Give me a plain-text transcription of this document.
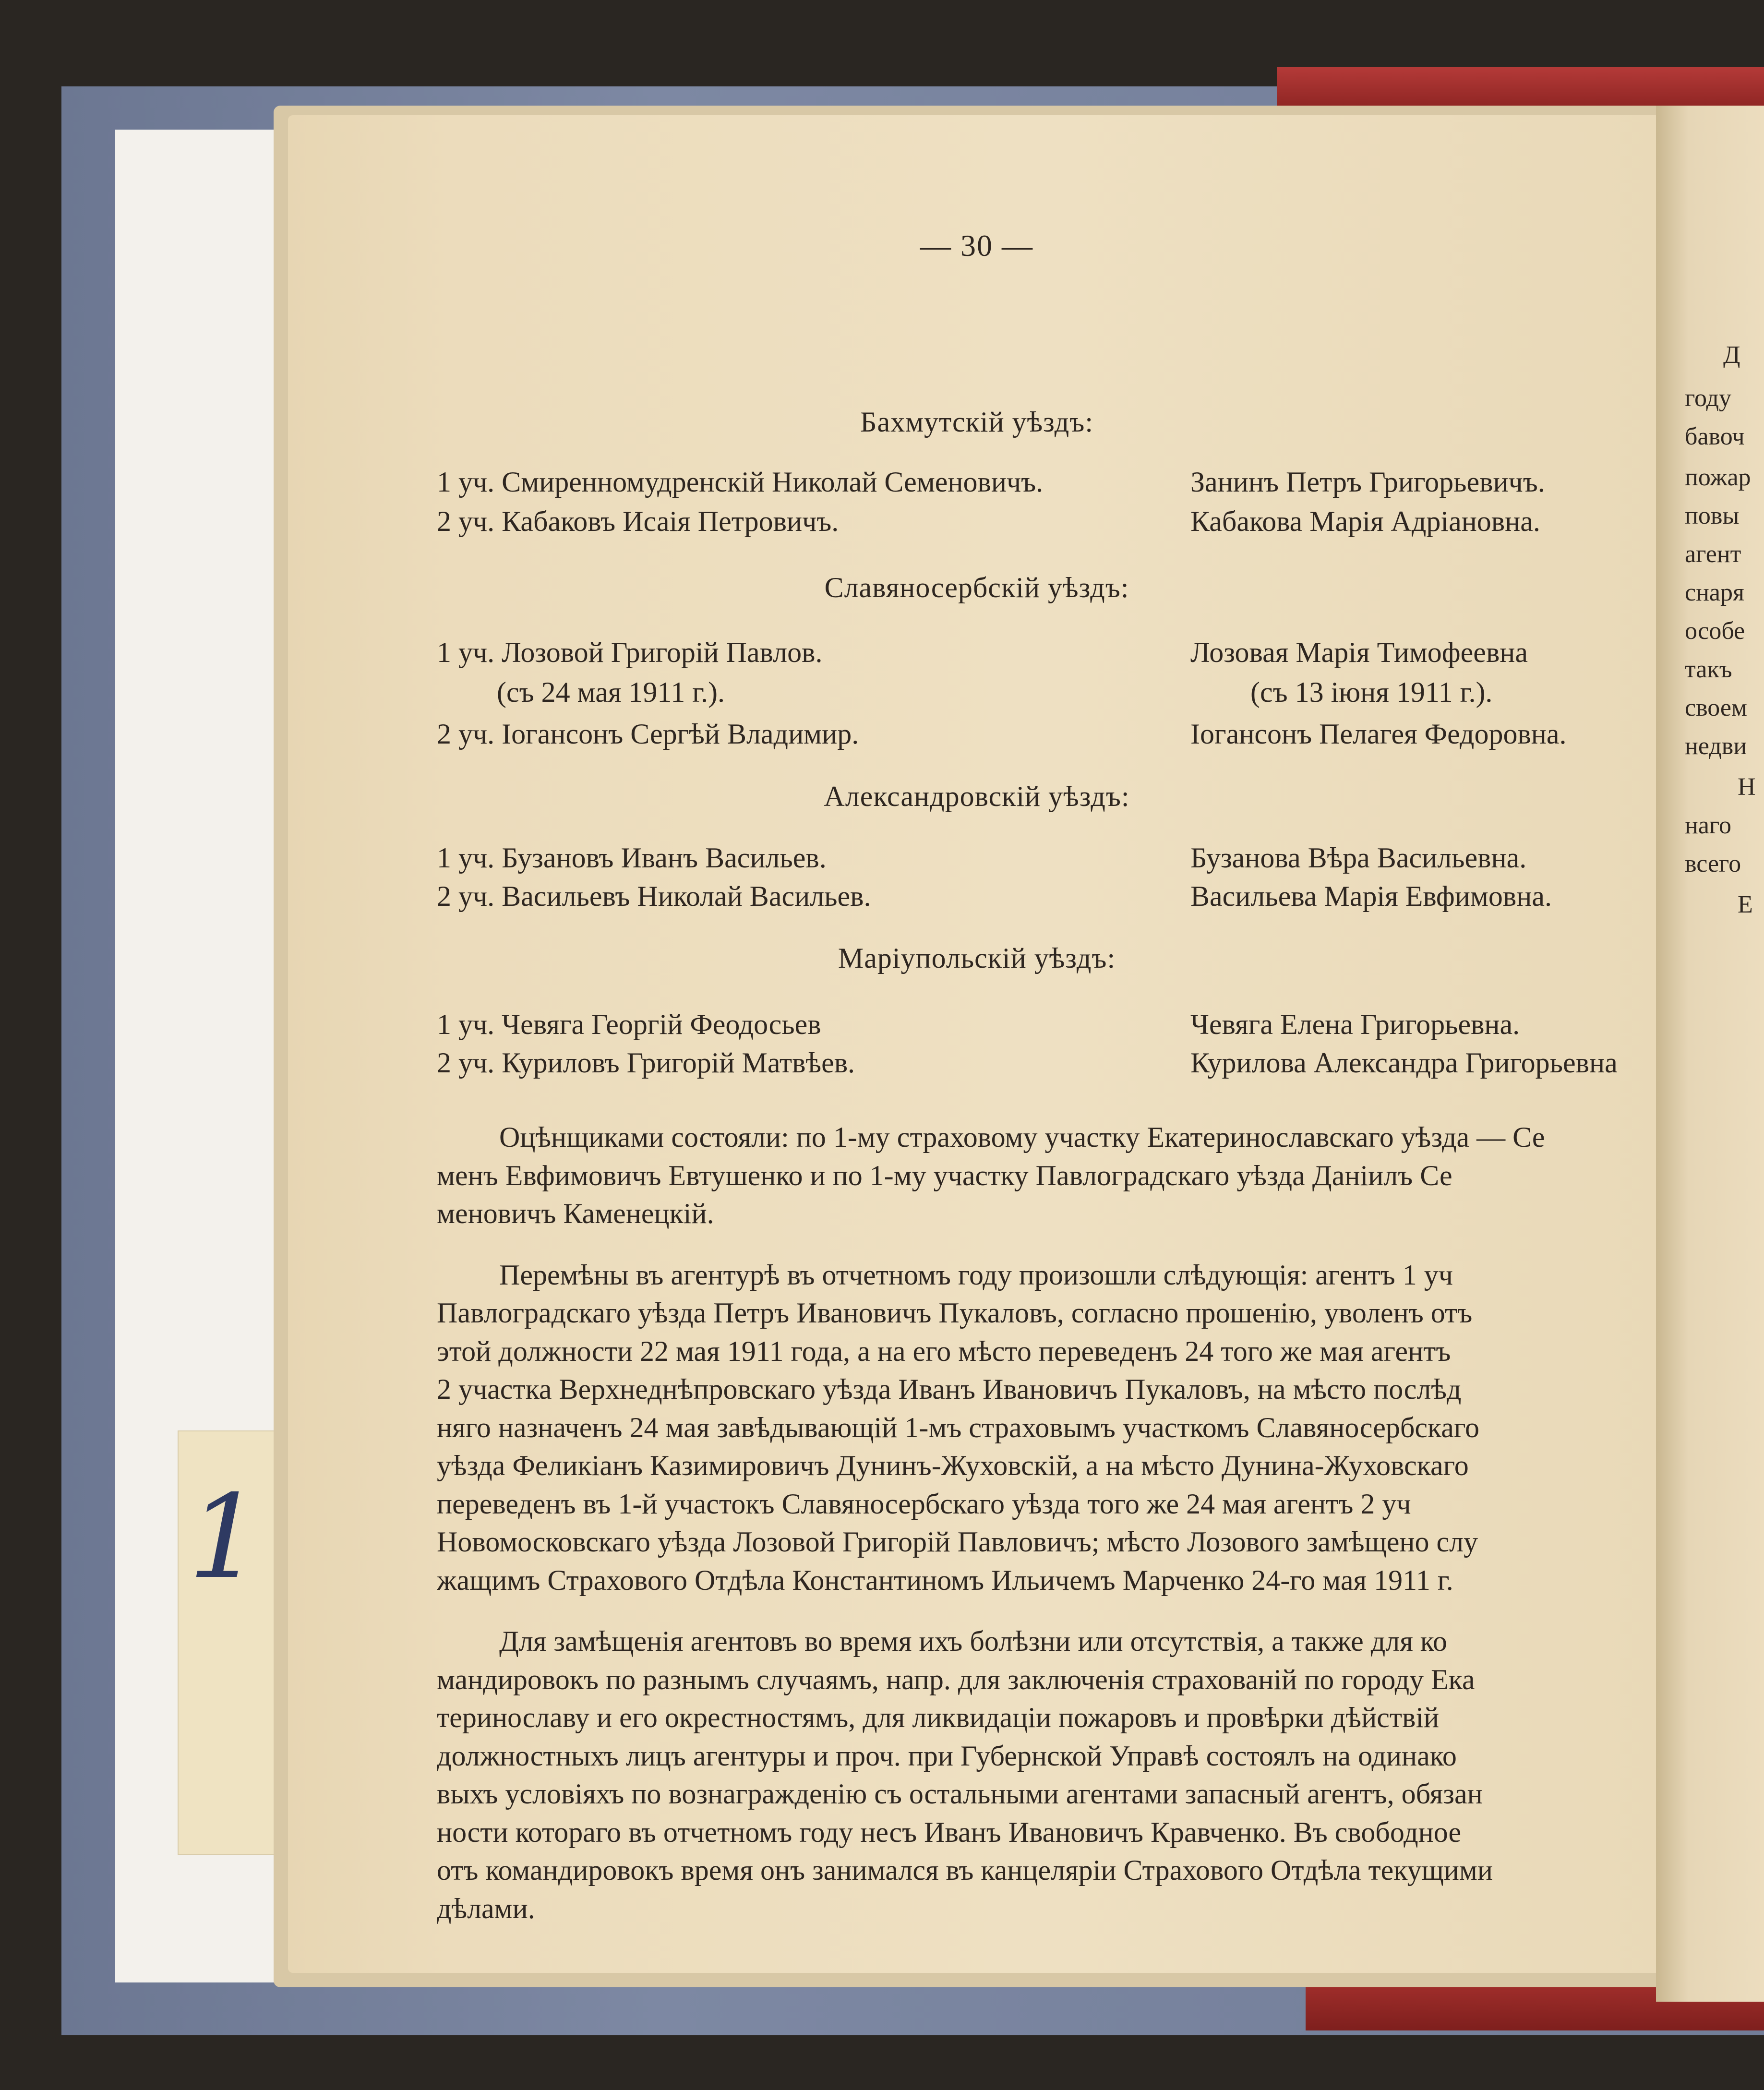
1
— 30 —
Бахмутскій уѣздъ:
1 уч. Смиренномудренскій Николай Семеновичъ.	Занинъ Петръ Григорьевичъ.
2 уч. Кабаковъ Исаія Петровичъ.	Кабакова Марія Адріановна.
Славяносербскій уѣздъ:
1 уч. Лозовой Григорій Павлов.	Лозовая Марія Тимофеевна
(съ 24 мая 1911 г.).	(съ 13 іюня 1911 г.).
2 уч. Іогансонъ Сергѣй Владимир.	Іогансонъ Пелагея Федоровна.
Александровскій уѣздъ:
1 уч. Бузановъ Иванъ Васильев.	Бузанова Вѣра Васильевна.
2 уч. Васильевъ Николай Васильев.	Васильева Марія Евфимовна.
Маріупольскій уѣздъ:
1 уч. Чевяга Георгій Феодосьев	Чевяга Елена Григорьевна.
2 уч. Куриловъ Григорій Матвѣев.	Курилова Александра Григорьевна
Оцѣнщиками состояли: по 1-му страховому участку Екатеринославскаго уѣзда — Се
менъ Евфимовичъ Евтушенко и по 1-му участку Павлоградскаго уѣзда Даніилъ Се
меновичъ Каменецкій.
Перемѣны въ агентурѣ въ отчетномъ году произошли слѣдующія: агентъ 1 уч
Павлоградскаго уѣзда Петръ Ивановичъ Пукаловъ, согласно прошенію, уволенъ отъ
этой должности 22 мая 1911 года, а на его мѣсто переведенъ 24 того же мая агентъ
2 участка Верхнеднѣпровскаго уѣзда Иванъ Ивановичъ Пукаловъ, на мѣсто послѣд
няго назначенъ 24 мая завѣдывающій 1-мъ страховымъ участкомъ Славяносербскаго
уѣзда Феликіанъ Казимировичъ Дунинъ-Жуховскій, а на мѣсто Дунина-Жуховскаго
переведенъ въ 1-й участокъ Славяносербскаго уѣзда того же 24 мая агентъ 2 уч
Новомосковскаго уѣзда Лозовой Григорій Павловичъ; мѣсто Лозового замѣщено слу
жащимъ Страхового Отдѣла Константиномъ Ильичемъ Марченко 24-го мая 1911 г.
Для замѣщенія агентовъ во время ихъ болѣзни или отсутствія, а также для ко
мандировокъ по разнымъ случаямъ, напр. для заключенія страхованій по городу Ека
теринославу и его окрестностямъ, для ликвидаціи пожаровъ и провѣрки дѣйствій
должностныхъ лицъ агентуры и проч. при Губернской Управѣ состоялъ на одинако
выхъ условіяхъ по вознагражденію съ остальными агентами запасный агентъ, обязан
ности котораго въ отчетномъ году несъ Иванъ Ивановичъ Кравченко. Въ свободное
отъ командировокъ время онъ занимался въ канцеляріи Страхового Отдѣла текущими
дѣлами.
Д
году
бавоч
пожар
повы
агент
снаря
особе
такъ
своем
недви
Н
наго
всего
Е
